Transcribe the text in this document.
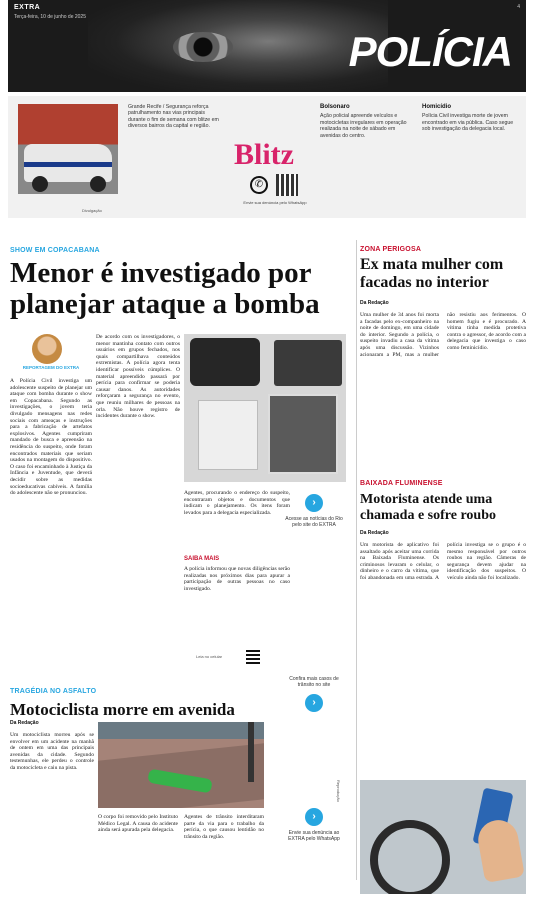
EXTRA
Terça-feira, 10 de junho de 2025
4
POLÍCIA
Divulgação
Grande Recife / Segurança reforça patrulhamento nas vias principais durante o fim de semana com blitze em diversos bairros da capital e região.
Blitz
✆
Envie sua denúncia pelo WhatsApp
Bolsonaro
Ação policial apreende veículos e motocicletas irregulares em operação realizada na noite de sábado em avenidas do centro.
Homicídio
Polícia Civil investiga morte de jovem encontrado em via pública. Caso segue sob investigação da delegacia local.
SHOW EM COPACABANA
Menor é investigado por planejar ataque a bomba
REPORTAGEM DO EXTRA
A Polícia Civil investiga um adolescente suspeito de planejar um ataque com bomba durante o show em Copacabana. Segundo as investigações, o jovem teria divulgado mensagens nas redes sociais com ameaças e instruções para a fabricação de artefatos explosivos. Agentes cumpriram mandado de busca e apreensão na residência do suspeito, onde foram encontrados materiais que seriam usados na montagem do dispositivo. O caso foi encaminhado à Justiça da Infância e Juventude, que deverá decidir sobre as medidas socioeducativas cabíveis. A família do adolescente não se pronunciou.
De acordo com os investigadores, o menor mantinha contato com outros usuários em grupos fechados, nos quais compartilhava conteúdos extremistas. A polícia agora tenta identificar possíveis cúmplices. O material apreendido passará por perícia para confirmar se poderia causar danos. As autoridades reforçaram a segurança no evento, que reuniu milhares de pessoas na orla. Não houve registro de incidentes durante o show.
Agentes, procurando o endereço do suspeito, encontraram objetos e documentos que indicam o planejamento. Os itens foram levados para a delegacia especializada.
SAIBA MAIS
A polícia informou que novas diligências serão realizadas nos próximos dias para apurar a participação de outras pessoas no caso investigado.
Leia no celular
›
Acesse as notícias do Rio pelo site do EXTRA
ZONA PERIGOSA
Ex mata mulher com facadas no interior
Da Redação
Uma mulher de 34 anos foi morta a facadas pelo ex-companheiro na noite de domingo, em uma cidade do interior. Segundo a polícia, o suspeito invadiu a casa da vítima após uma discussão. Vizinhos acionaram a PM, mas a mulher não resistiu aos ferimentos. O homem fugiu e é procurado. A vítima tinha medida protetiva contra o agressor, de acordo com a delegacia que investiga o caso como feminicídio.
BAIXADA FLUMINENSE
Motorista atende uma chamada e sofre roubo
Da Redação
Um motorista de aplicativo foi assaltado após aceitar uma corrida na Baixada Fluminense. Os criminosos levaram o celular, o dinheiro e o carro da vítima, que foi abandonada em uma estrada. A polícia investiga se o grupo é o mesmo responsável por outros roubos na região. Câmeras de segurança devem ajudar na identificação dos suspeitos. O veículo ainda não foi localizado.
Reprodução
TRAGÉDIA NO ASFALTO
Motociclista morre em avenida
Da Redação
Um motociclista morreu após se envolver em um acidente na manhã de ontem em uma das principais avenidas da cidade. Segundo testemunhas, ele perdeu o controle da motocicleta e caiu na pista.
O corpo foi removido pelo Instituto Médico Legal. A causa do acidente ainda será apurada pela delegacia.
Agentes de trânsito interditaram parte da via para o trabalho da perícia, o que causou lentidão no trânsito da região.
Confira mais casos de trânsito no site
›
›
Envie sua denúncia ao EXTRA pelo WhatsApp
